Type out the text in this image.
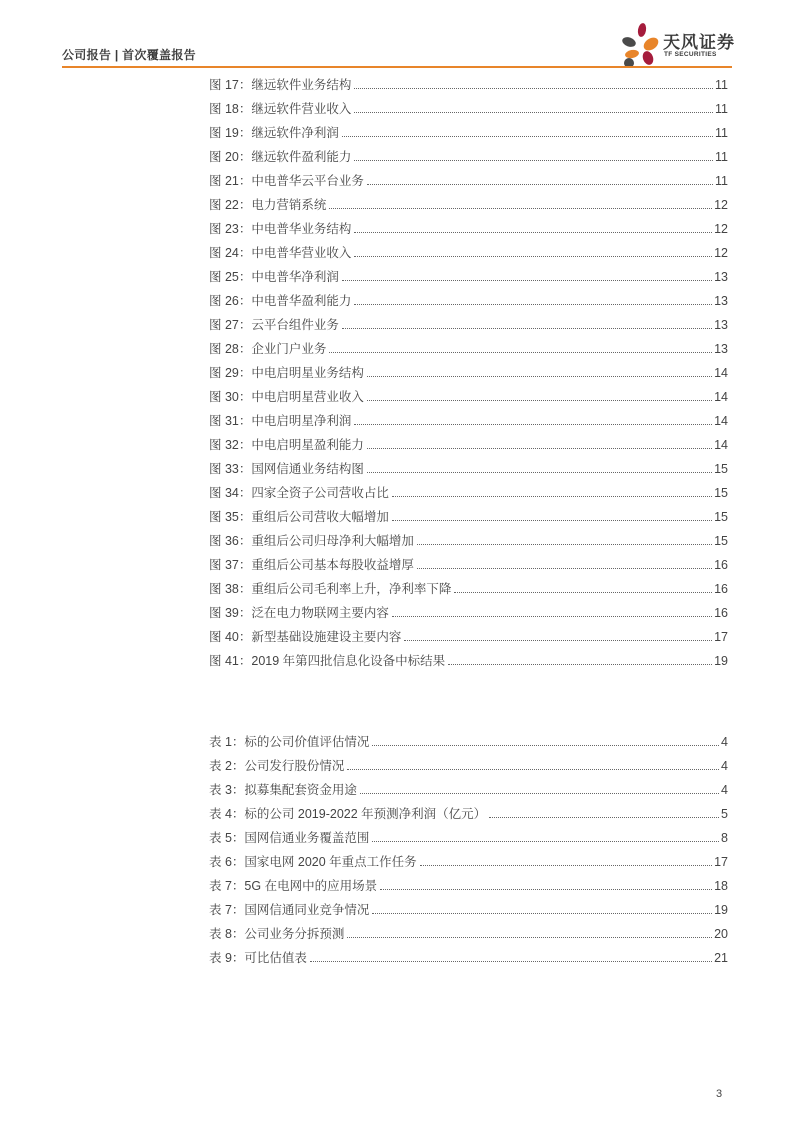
公司报告 | 首次覆盖报告
天风证券
TF SECURITIES
图 17：继远软件业务结构	11
图 18：继远软件营业收入	11
图 19：继远软件净利润	11
图 20：继远软件盈利能力	11
图 21：中电普华云平台业务	11
图 22：电力营销系统	12
图 23：中电普华业务结构	12
图 24：中电普华营业收入	12
图 25：中电普华净利润	13
图 26：中电普华盈利能力	13
图 27：云平台组件业务	13
图 28：企业门户业务	13
图 29：中电启明星业务结构	14
图 30：中电启明星营业收入	14
图 31：中电启明星净利润	14
图 32：中电启明星盈利能力	14
图 33：国网信通业务结构图	15
图 34：四家全资子公司营收占比	15
图 35：重组后公司营收大幅增加	15
图 36：重组后公司归母净利大幅增加	15
图 37：重组后公司基本每股收益增厚	16
图 38：重组后公司毛利率上升，净利率下降	16
图 39：泛在电力物联网主要内容	16
图 40：新型基础设施建设主要内容	17
图 41：2019 年第四批信息化设备中标结果	19
表 1：标的公司价值评估情况	4
表 2：公司发行股份情况	4
表 3：拟募集配套资金用途	4
表 4：标的公司 2019-2022 年预测净利润（亿元）	5
表 5：国网信通业务覆盖范围	8
表 6：国家电网 2020 年重点工作任务	17
表 7：5G 在电网中的应用场景	18
表 7：国网信通同业竞争情况	19
表 8：公司业务分拆预测	20
表 9：可比估值表	21
3
